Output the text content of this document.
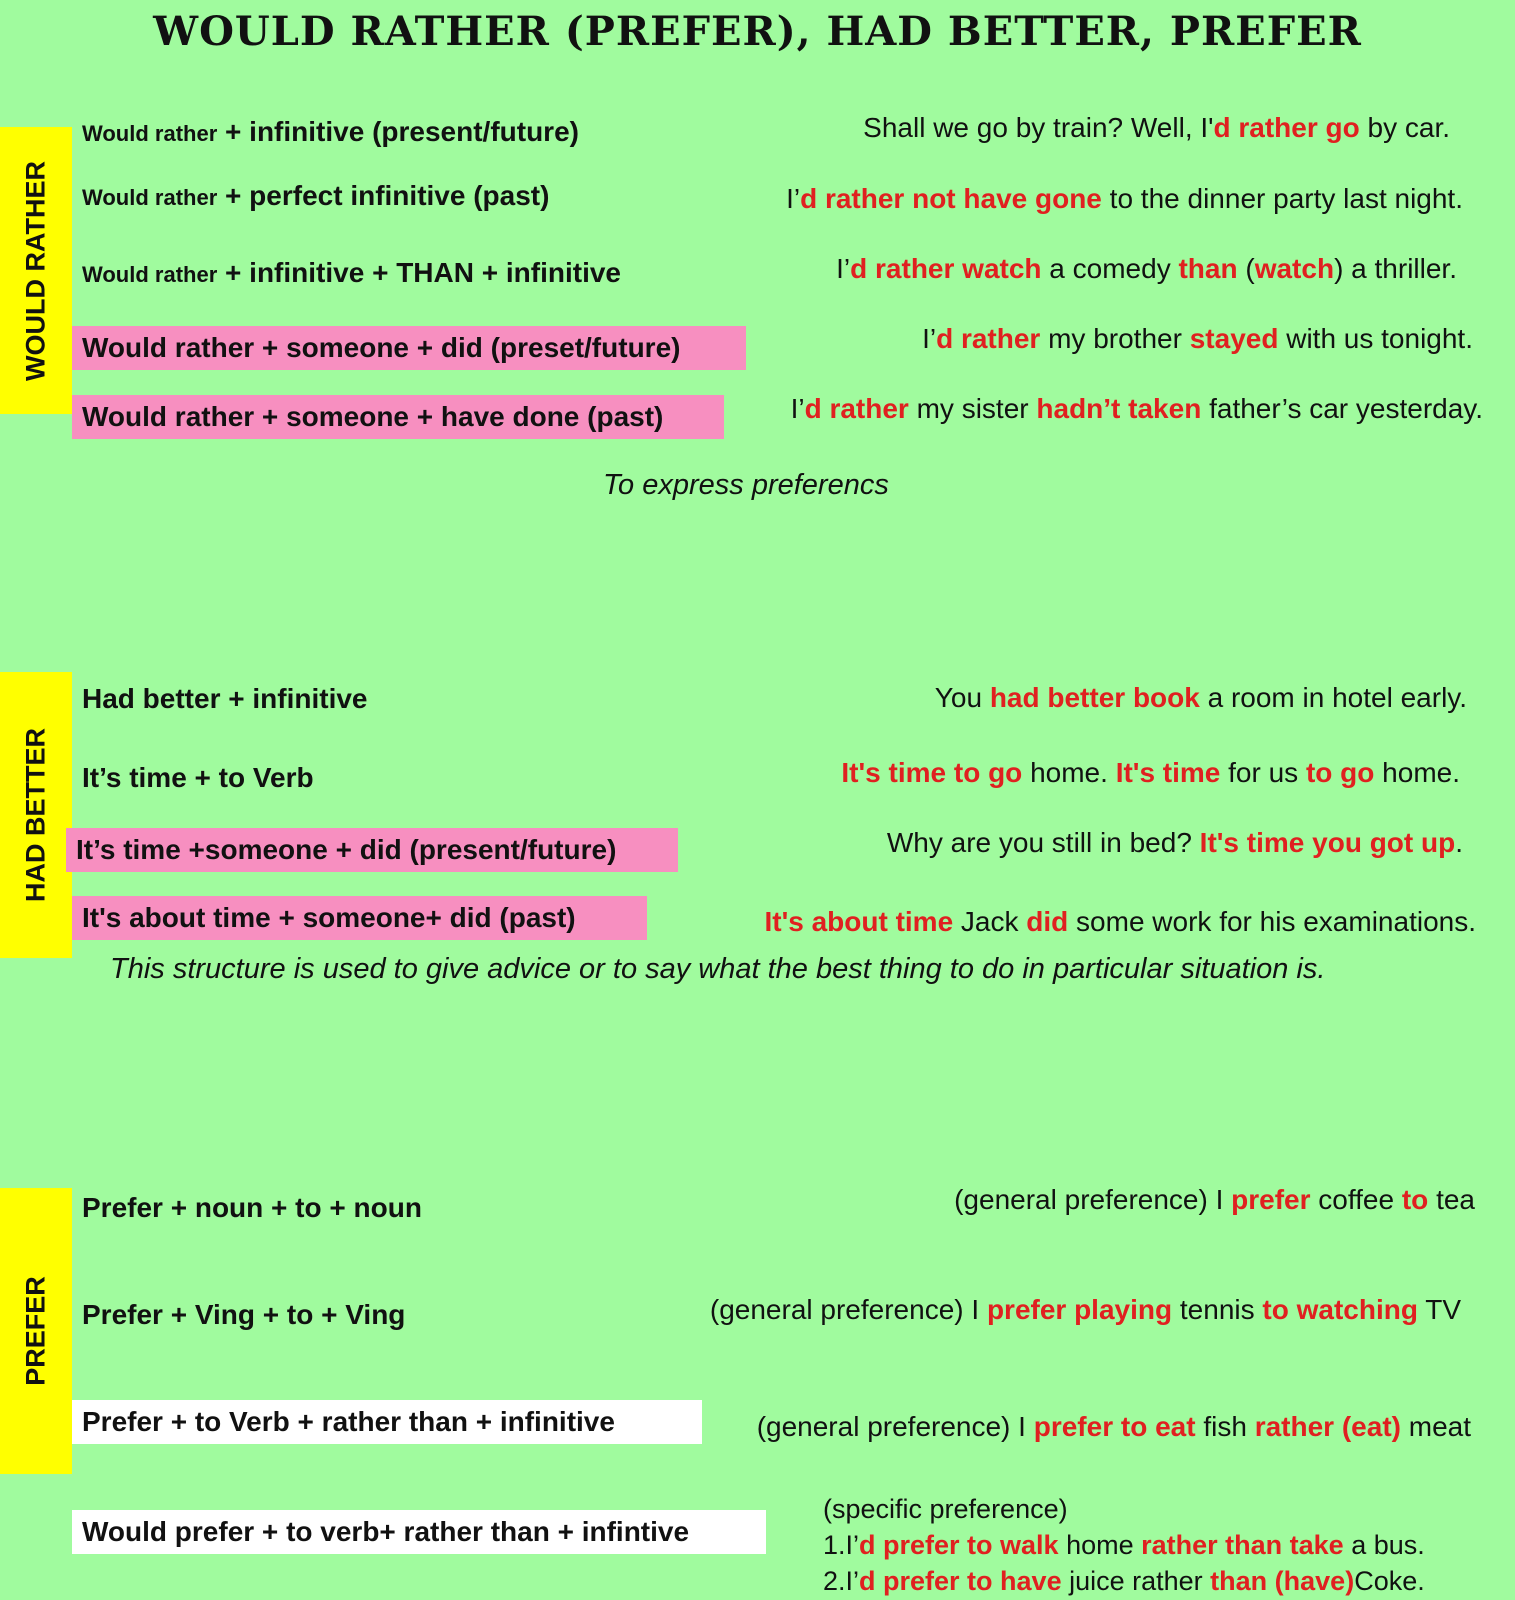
WOULD RATHER (PREFER), HAD BETTER, PREFER
WOULD RATHER
Would rather + infinitive (present/future)
Would rather + perfect infinitive (past)
Would rather + infinitive + THAN + infinitive
Would rather + someone + did (preset/future)
Would rather + someone + have done (past)
Shall we go by train? Well, I'd rather go by car.
I’d rather not have gone to the dinner party last night.
I’d rather watch a comedy than (watch) a thriller.
I’d rather my brother stayed with us tonight.
I’d rather my sister hadn’t taken father’s car yesterday.
To express preferencs
HAD BETTER
Had better + infinitive
It’s time + to Verb
It’s time +someone + did (present/future)
It's about time + someone+ did (past)
You had better book a room in hotel early.
It's time to go home. It's time for us to go home.
Why are you still in bed? It's time you got up.
It's about time Jack did some work for his examinations.
This structure is used to give advice or to say what the best thing to do in particular situation is.
PREFER
Prefer + noun + to + noun
Prefer + Ving + to + Ving
Prefer + to Verb + rather than + infinitive
Would prefer + to verb+ rather than + infintive
(general preference) I prefer coffee to tea
(general preference) I prefer playing tennis to watching TV
(general preference) I prefer to eat fish rather (eat) meat
(specific preference)
1.I’d prefer to walk home rather than take a bus.
2.I’d prefer to have juice rather than (have)Coke.
